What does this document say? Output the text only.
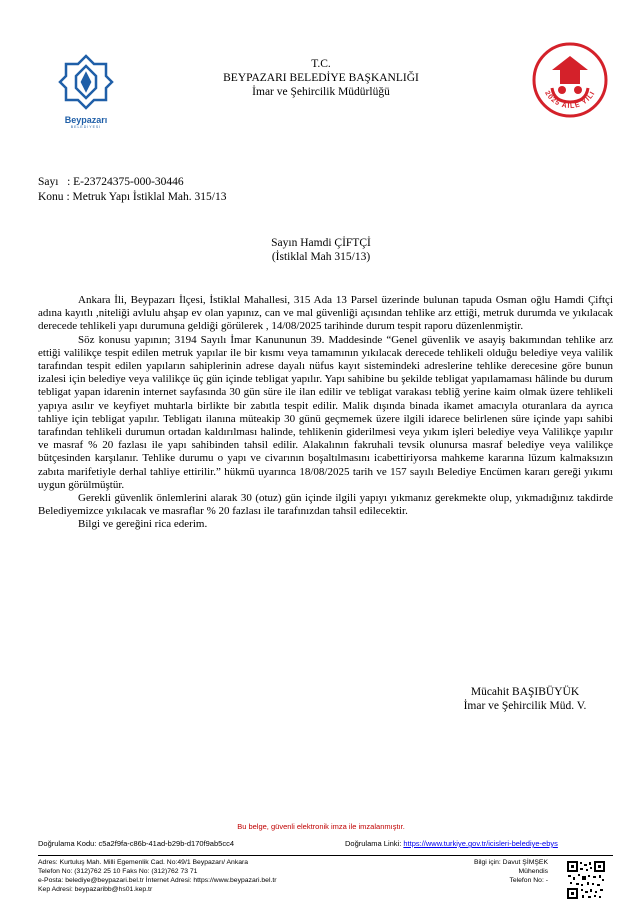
Beypazarı
BELEDİYESİ
T.C.
BEYPAZARI BELEDİYE BAŞKANLIĞI
İmar ve Şehircilik Müdürlüğü	2025 AİLE YILI
Sayı : E-23724375-000-30446
Konu : Metruk Yapı İstiklal Mah. 315/13
Sayın Hamdi ÇİFTÇİ
(İstiklal Mah 315/13)

Ankara İli, Beypazarı İlçesi, İstiklal Mahallesi, 315 Ada 13 Parsel üzerinde bulunan tapuda Osman oğlu Hamdi Çiftçi adına kayıtlı ,niteliği avlulu ahşap ev olan yapınız, can ve mal güvenliği açısından tehlike arz ettiği, metruk durumda ve yıkılacak derecede tehlikeli yapı durumuna geldiği görülerek , 14/08/2025 tarihinde durum tespit raporu düzenlenmiştir.

Söz konusu yapının; 3194 Sayılı İmar Kanununun 39. Maddesinde “Genel güvenlik ve asayiş bakımından tehlike arz ettiği valilikçe tespit edilen metruk yapılar ile bir kısmı veya tamamının yıkılacak derecede tehlikeli olduğu belediye veya valilik tarafından tespit edilen yapıların sahiplerinin adrese dayalı nüfus kayıt sistemindeki adreslerine tehlike derecesine göre bunun izalesi için belediye veya valilikçe üç gün içinde tebligat yapılır. Yapı sahibine bu şekilde tebligat yapılamaması hâlinde bu durum tebligat yapan idarenin internet sayfasında 30 gün süre ile ilan edilir ve tebligat varakası tebliğ yerine kaim olmak üzere tehlikeli yapıya asılır ve keyfiyet muhtarla birlikte bir zabıtla tespit edilir. Malik dışında binada ikamet amacıyla oturanlara da ayrıca tahliye için tebligat yapılır. Tebligatı ilanına müteakip 30 günü geçmemek üzere ilgili idarece belirlenen süre içinde yapı sahibi tarafından tehlikeli durumun ortadan kaldırılması halinde, tehlikenin giderilmesi veya yıkım işleri belediye veya Valilikçe yapılır ve masraf % 20 fazlası ile yapı sahibinden tahsil edilir. Alakalının fakruhali tevsik olunursa masraf belediye veya valilikçe bütçesinden karşılanır. Tehlike durumu o yapı ve civarının boşaltılmasını icabettiriyorsa mahkeme kararına lüzum kalmaksızın zabıta marifetiyle derhal tahliye ettirilir.” hükmü uyarınca 18/08/2025 tarih ve 157 sayılı Belediye Encümen kararı gereği yıkımı uygun görülmüştür.

Gerekli güvenlik önlemlerini alarak 30 (otuz) gün içinde ilgili yapıyı yıkmanız gerekmekte olup, yıkmadığınız takdirde Belediyemizce yıkılacak ve masraflar % 20 fazlası ile tarafınızdan tahsil edilecektir.

Bilgi ve gereğini rica ederim.

Mücahit BAŞIBÜYÜK
İmar ve Şehircilik Müd. V.
Bu belge, güvenli elektronik imza ile imzalanmıştır.
Doğrulama Kodu: c5a2f9fa-c86b-41ad-b29b-d170f9ab5cc4	Doğrulama Linki: https://www.turkiye.gov.tr/icisleri-belediye-ebys
Adres: Kurtuluş Mah. Milli Egemenlik Cad. No:49/1 Beypazarı/ Ankara
Telefon No: (312)762 25 10 Faks No: (312)762 73 71
e-Posta: belediye@beypazari.bel.tr İnternet Adresi: https://www.beypazari.bel.tr
Kep Adresi: beypazaribb@hs01.kep.tr
Bilgi için: Davut ŞİMŞEK
Mühendis
Telefon No: -
